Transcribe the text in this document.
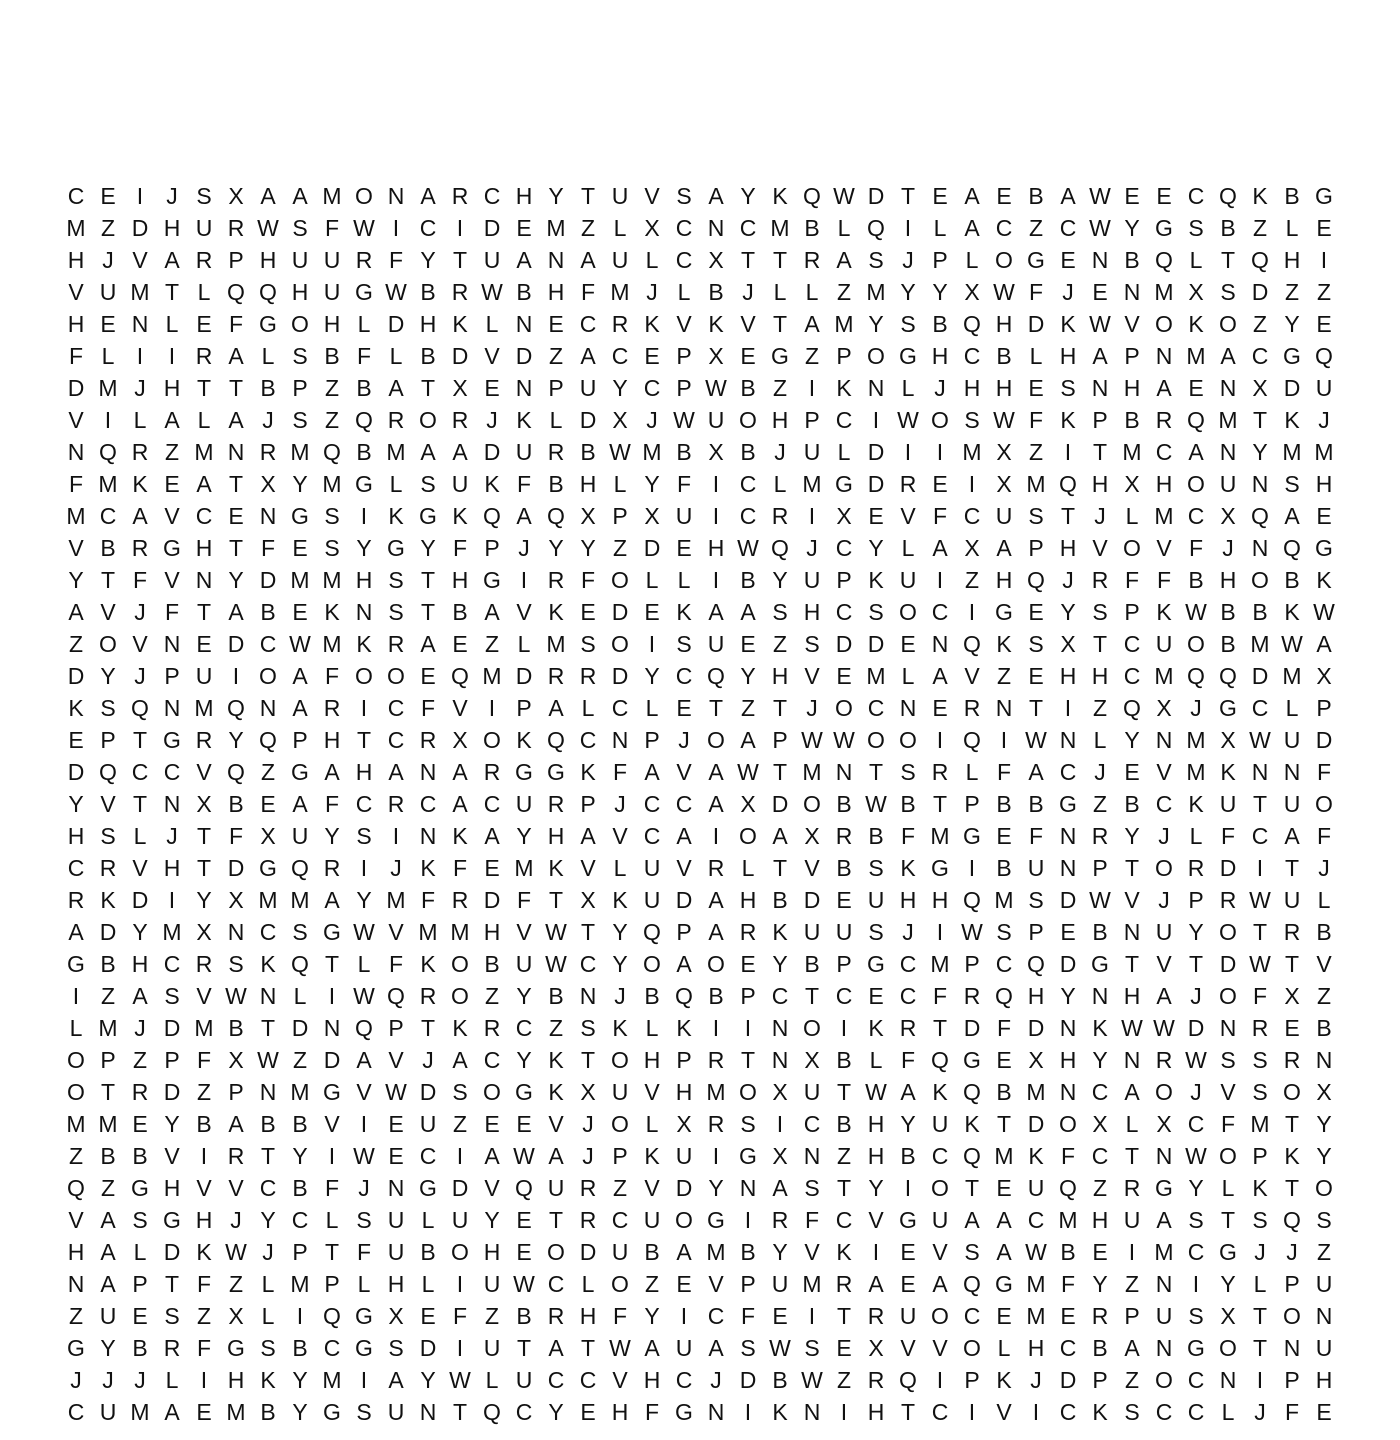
C E I	J S X A A M O N A R C H Y T U V S A Y K Q W D T E A E B A W E E C Q K B G
M Z D H U R W S F W I C I D E M Z L X C N C M B L Q I L A C Z C W Y G S B Z L E
H J V A R P H U U R F Y T U A N A U L C X T T R A S J P L O G E N B Q L T Q H I
V U M T L Q Q H U G W B R W B H F M J L B J L L Z M Y Y X W F J E N M X S D Z Z
H E N L E F G O H L D H K L N E C R K V K V T A M Y S B Q H D K W V O K O Z Y E
F L I	I R A L S B F L B D V D Z A C E P X E G Z P O G H C B L H A P N M A C G Q
D M J H T T B P Z B A T X E N P U Y C P W B Z I K N L J H H E S N H A E N X D U
V I L A L A J S Z Q R O R J K L D X J W U O H P C I W O S W F K P B R Q M T K J
N Q R Z M N R M Q B M A A D U R B W M B X B J U L D I	I M X Z I T M C A N Y M M
F M K E A T X Y M G L S U K F B H L Y F I C L M G D R E I X M Q H X H O U N S H
M C A V C E N G S I K G K Q A Q X P X U I C R I X E V F C U S T J L M C X Q A E
V B R G H T F E S Y G Y F P J Y Y Z D E H W Q J C Y L A X A P H V O V F J N Q G
Y T F V N Y D M M H S T H G I R F O L L I B Y U P K U I Z H Q J R F F B H O B K
A V J F T A B E K N S T B A V K E D E K A A S H C S O C I G E Y S P K W B B K W
Z O V N E D C W M K R A E Z L M S O I S U E Z S D D E N Q K S X T C U O B M W A
D Y J P U I O A F O O E Q M D R R D Y C Q Y H V E M L A V Z E H H C M Q Q D M X
K S Q N M Q N A R I C F V I P A L C L E T Z T J O C N E R N T I Z Q X J G C L P
E P T G R Y Q P H T C R X O K Q C N P J O A P W W O O I Q I W N L Y N M X W U D
D Q C C V Q Z G A H A N A R G G K F A V A W T M N T S R L F A C J E V M K N N F
Y V T N X B E A F C R C A C U R P J C C A X D O B W B T P B B G Z B C K U T U O
H S L J T F X U Y S I N K A Y H A V C A I O A X R B F M G E F N R Y J L F C A F
C R V H T D G Q R I	J K F E M K V L U V R L T V B S K G I B U N P T O R D I T J
R K D I Y X M M A Y M F R D F T X K U D A H B D E U H H Q M S D W V J P R W U L
A D Y M X N C S G W V M M H V W T Y Q P A R K U U S J	I W S P E B N U Y O T R B
G B H C R S K Q T L F K O B U W C Y O A O E Y B P G C M P C Q D G T V T D W T V
I Z A S V W N L I W Q R O Z Y B N J B Q B P C T C E C F R Q H Y N H A J O F X Z
L M J D M B T D N Q P T K R C Z S K L K I	I N O I K R T D F D N K W W D N R E B
O P Z P F X W Z D A V J A C Y K T O H P R T N X B L F Q G E X H Y N R W S S R N
O T R D Z P N M G V W D S O G K X U V H M O X U T W A K Q B M N C A O J V S O X
M M E Y B A B B V I E U Z E E V J O L X R S I C B H Y U K T D O X L X C F M T Y
Z B B V I R T Y I W E C I A W A J P K U I G X N Z H B C Q M K F C T N W O P K Y
Q Z G H V V C B F J N G D V Q U R Z V D Y N A S T Y I O T E U Q Z R G Y L K T O
V A S G H J Y C L S U L U Y E T R C U O G I R F C V G U A A C M H U A S T S Q S
H A L D K W J P T F U B O H E O D U B A M B Y V K I E V S A W B E I M C G J J Z
N A P T F Z L M P L H L I U W C L O Z E V P U M R A E A Q G M F Y Z N I Y L P U
Z U E S Z X L I Q G X E F Z B R H F Y I C F E I T R U O C E M E R P U S X T O N
G Y B R F G S B C G S D I U T A T W A U A S W S E X V V O L H C B A N G O T N U
J J J L I H K Y M I A Y W L U C C V H C J D B W Z R Q I P K J D P Z O C N I P H
C U M A E M B Y G S U N T Q C Y E H F G N I K N I H T C I V I C K S C C L J F E
